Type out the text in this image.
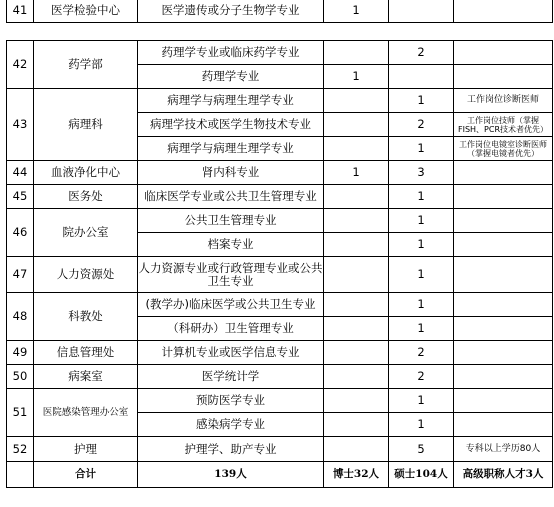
41	医学检验中心	医学遗传或分子生物学专业	1		
42	药学部	药理学专业或临床药学专业		2	
		药理学专业	1		
43	病理科	病理学与病理生理学专业		1	工作岗位诊断医师
		病理学技术或医学生物技术专业		2	工作岗位技师（掌握FISH、PCR技术者优先）
		病理学与病理生理学专业		1	工作岗位电镜室诊断医师（掌握电镜者优先）
44	血液净化中心	肾内科专业	1	3	
45	医务处	临床医学专业或公共卫生管理专业		1	
46	院办公室	公共卫生管理专业		1	
		档案专业		1	
47	人力资源处	人力资源专业或行政管理专业或公共卫生专业		1	
48	科教处	(教学办)临床医学或公共卫生专业		1	
		（科研办）卫生管理专业		1	
49	信息管理处	计算机专业或医学信息专业		2	
50	病案室	医学统计学		2	
51	医院感染管理办公室	预防医学专业		1	
		感染病学专业		1	
52	护理	护理学、助产专业		5	专科以上学历80人
	合计	139人	博士32人	硕士104人	高级职称人才3人
